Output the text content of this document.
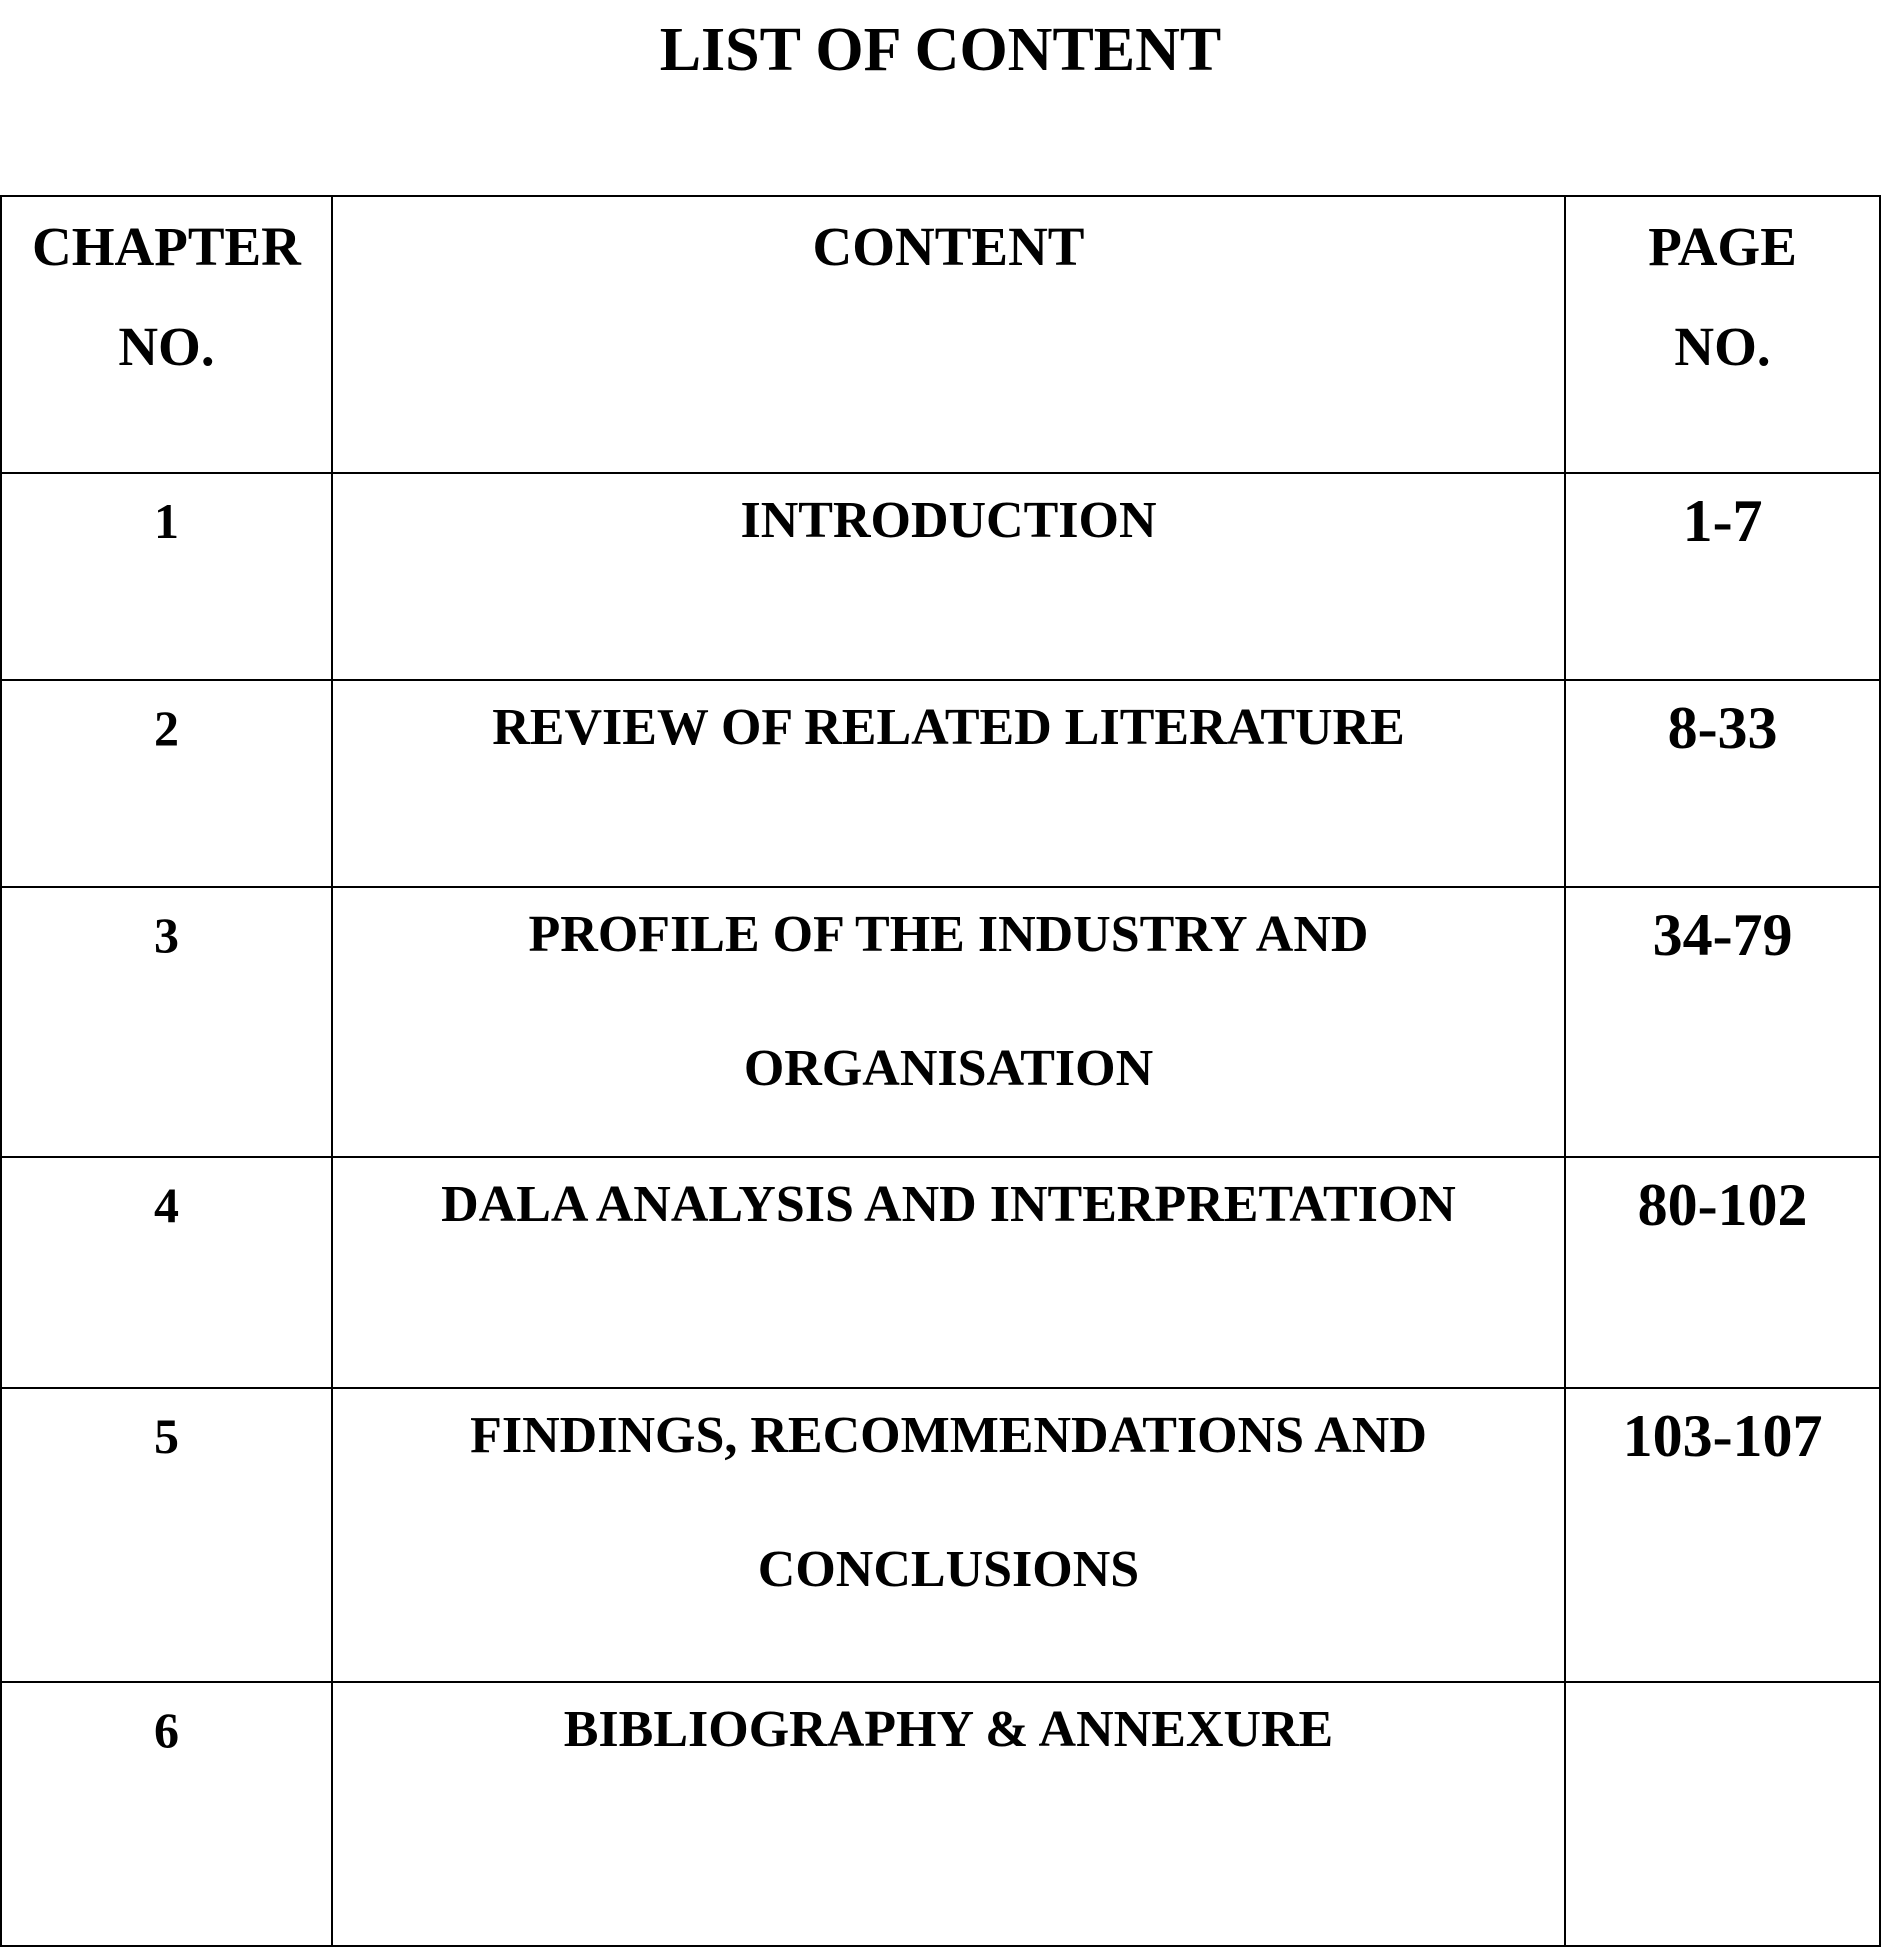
LIST OF CONTENT
CHAPTER NO.	CONTENT	PAGE NO.

1	INTRODUCTION	1-7

2	REVIEW OF RELATED LITERATURE	8-33

3	PROFILE OF THE INDUSTRY AND ORGANISATION	34-79

4	DALA ANALYSIS AND INTERPRETATION	80-102

5	FINDINGS, RECOMMENDATIONS AND CONCLUSIONS	103-107

6	BIBLIOGRAPHY & ANNEXURE	
